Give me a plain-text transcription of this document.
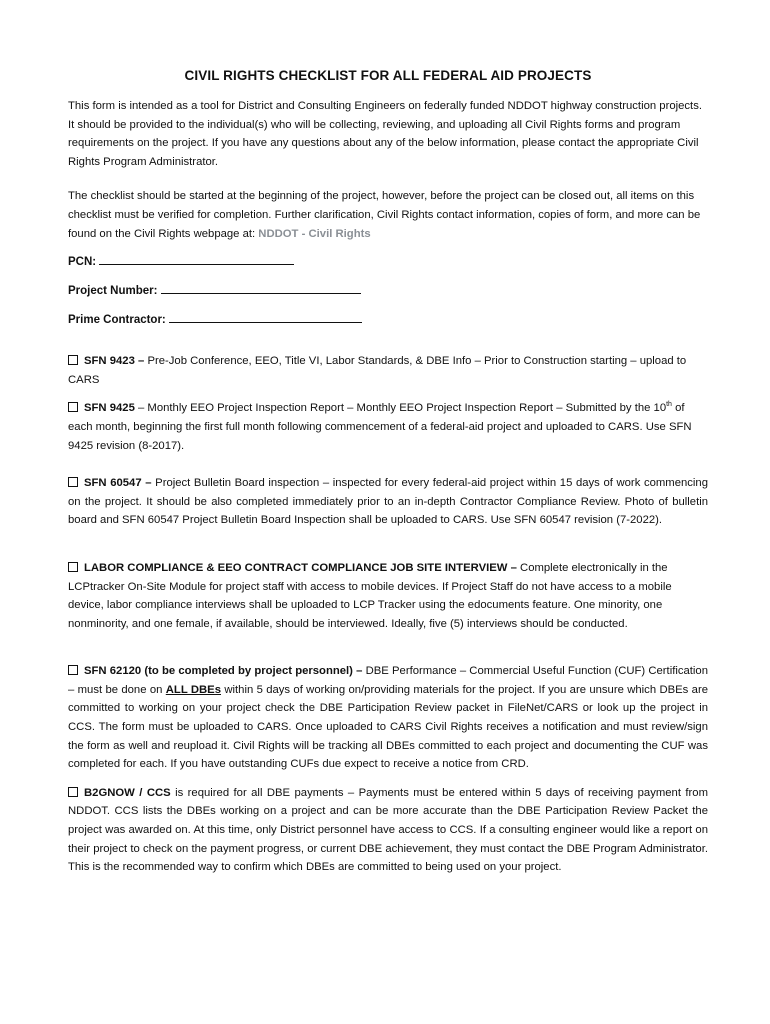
CIVIL RIGHTS CHECKLIST FOR ALL FEDERAL AID PROJECTS

This form is intended as a tool for District and Consulting Engineers on federally funded NDDOT highway construction projects. It should be provided to the individual(s) who will be collecting, reviewing, and uploading all Civil Rights forms and program requirements on the project. If you have any questions about any of the below information, please contact the appropriate Civil Rights Program Administrator.

The checklist should be started at the beginning of the project, however, before the project can be closed out, all items on this checklist must be verified for completion. Further clarification, Civil Rights contact information, copies of form, and more can be found on the Civil Rights webpage at: NDDOT - Civil Rights

PCN:
Project Number:
Prime Contractor:

SFN 9423 – Pre-Job Conference, EEO, Title VI, Labor Standards, & DBE Info – Prior to Construction starting – upload to CARS

SFN 9425 – Monthly EEO Project Inspection Report – Monthly EEO Project Inspection Report – Submitted by the 10th of each month, beginning the first full month following commencement of a federal-aid project and uploaded to CARS. Use SFN 9425 revision (8-2017).

SFN 60547 – Project Bulletin Board inspection – inspected for every federal-aid project within 15 days of work commencing on the project. It should be also completed immediately prior to an in-depth Contractor Compliance Review. Photo of bulletin board and SFN 60547 Project Bulletin Board Inspection shall be uploaded to CARS. Use SFN 60547 revision (7-2022).

LABOR COMPLIANCE & EEO CONTRACT COMPLIANCE JOB SITE INTERVIEW – Complete electronically in the LCPtracker On-Site Module for project staff with access to mobile devices. If Project Staff do not have access to a mobile device, labor compliance interviews shall be uploaded to LCP Tracker using the edocuments feature. One minority, one nonminority, and one female, if available, should be interviewed. Ideally, five (5) interviews should be conducted.

SFN 62120 (to be completed by project personnel) – DBE Performance – Commercial Useful Function (CUF) Certification – must be done on ALL DBEs within 5 days of working on/providing materials for the project. If you are unsure which DBEs are committed to working on your project check the DBE Participation Review packet in FileNet/CARS or look up the project in CCS. The form must be uploaded to CARS. Once uploaded to CARS Civil Rights receives a notification and must review/sign the form as well and reupload it. Civil Rights will be tracking all DBEs committed to each project and documenting the CUF was completed for each. If you have outstanding CUFs due expect to receive a notice from CRD.

B2GNOW / CCS is required for all DBE payments – Payments must be entered within 5 days of receiving payment from NDDOT. CCS lists the DBEs working on a project and can be more accurate than the DBE Participation Review Packet the project was awarded on. At this time, only District personnel have access to CCS. If a consulting engineer would like a report on their project to check on the payment progress, or current DBE achievement, they must contact the DBE Program Administrator. This is the recommended way to confirm which DBEs are committed to being used on your project.
